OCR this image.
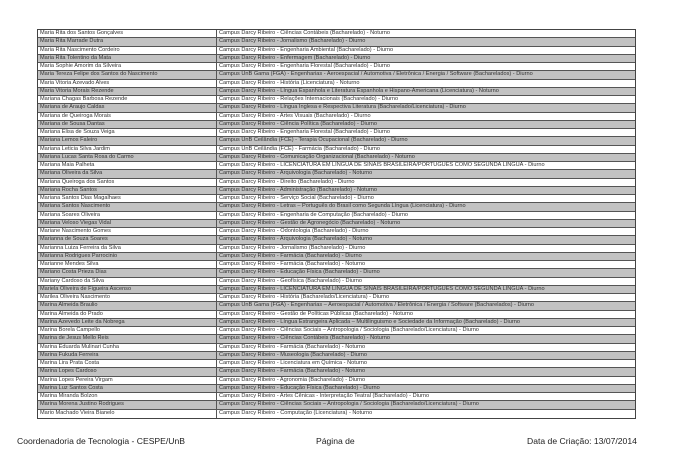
Maria Rita dos Santos Gonçalves	Campus Darcy Ribeiro - Ciências Contábeis (Bacharelado) - Noturno
Maria Rita Marrade Dutra	Campus Darcy Ribeiro - Jornalismo (Bacharelado) - Diurno
Maria Rita Nascimento Cordeiro	Campus Darcy Ribeiro - Engenharia Ambiental (Bacharelado) - Diurno
Maria Rita Tolentino da Mata	Campus Darcy Ribeiro - Enfermagem (Bacharelado) - Diurno
Maria Sophie Amorim da Silveira	Campus Darcy Ribeiro - Engenharia Florestal (Bacharelado) - Diurno
Maria Tereza Felipe dos Santos do Nascimento	Campus UnB Gama (FGA) - Engenharias - Aeroespacial / Automotiva / Eletrônica / Energia / Software (Bacharelados) - Diurno
Maria Vitoria Azevado Alves	Campus Darcy Ribeiro - História (Licenciatura) - Noturno
Maria Vitoria Morais Rezende	Campus Darcy Ribeiro - Língua Espanhola e Literatura Espanhola e Hispano-Americana (Licenciatura) - Noturno
Mariana Chagas Barbosa Rezende	Campus Darcy Ribeiro - Relações Internacionais (Bacharelado) - Diurno
Mariana de Araujo Caldas	Campus Darcy Ribeiro - Língua Inglesa e Respectiva Literatura (Bacharelado/Licenciatura) - Diurno
Mariana de Queiroga Morais	Campus Darcy Ribeiro - Artes Visuais (Bacharelado) - Diurno
Mariana de Sousa Dantas	Campus Darcy Ribeiro - Ciência Política (Bacharelado) - Diurno
Mariana Elisa de Souza Veiga	Campus Darcy Ribeiro - Engenharia Florestal (Bacharelado) - Diurno
Mariana Lemos Faleiro	Campus UnB Ceilândia (FCE) - Terapia Ocupacional (Bacharelado) - Diurno
Mariana Leticia Silva Jardim	Campus UnB Ceilândia (FCE) - Farmácia (Bacharelado) - Diurno
Mariana Lucas Santa Rosa do Carmo	Campus Darcy Ribeiro - Comunicação Organizacional (Bacharelado) - Noturno
Mariana Maia Palheta	Campus Darcy Ribeiro - LICENCIATURA EM LÍNGUA DE SINAIS BRASILEIRA/PORTUGUÊS COMO SEGUNDA LÍNGUA - Diurno
Mariana Oliveira da Silva	Campus Darcy Ribeiro - Arquivologia (Bacharelado) - Noturno
Mariana Queiroga dos Santos	Campus Darcy Ribeiro - Direito (Bacharelado) - Diurno
Mariana Rocha Santos	Campus Darcy Ribeiro - Administração (Bacharelado) - Noturno
Mariana Santos Dias Magalhaes	Campus Darcy Ribeiro - Serviço Social (Bacharelado) - Diurno
Mariana Santos Nascimento	Campus Darcy Ribeiro - Letras – Português do Brasil como Segunda Língua (Licenciatura) - Diurno
Mariana Soares Oliveira	Campus Darcy Ribeiro - Engenharia de Computação (Bacharelado) - Diurno
Mariana Veloso Viegas Vidal	Campus Darcy Ribeiro - Gestão de Agronegócio (Bacharelado) - Noturno
Mariane Nascimento Gomes	Campus Darcy Ribeiro - Odontologia (Bacharelado) - Diurno
Marianna de Souza Soares	Campus Darcy Ribeiro - Arquivologia (Bacharelado) - Noturno
Marianna Luiza Ferreira da Silva	Campus Darcy Ribeiro - Jornalismo (Bacharelado) - Diurno
Marianna Rodrigues Parrocinio	Campus Darcy Ribeiro - Farmácia (Bacharelado) - Diurno
Marianne Mendes Silva	Campus Darcy Ribeiro - Farmácia (Bacharelado) - Noturno
Mariano Costa Prieza Dias	Campus Darcy Ribeiro - Educação Física (Bacharelado) - Diurno
Mariany Cardoso da Silva	Campus Darcy Ribeiro - Geofísica (Bacharelado) - Diurno
Mariela Oliveira de Figueira Ascenso	Campus Darcy Ribeiro - LICENCIATURA EM LÍNGUA DE SINAIS BRASILEIRA/PORTUGUÊS COMO SEGUNDA LÍNGUA - Diurno
Marilea Oliveira Nascimento	Campus Darcy Ribeiro - História (Bacharelado/Licenciatura) - Diurno
Marina Almeida Braulio	Campus UnB Gama (FGA) - Engenharias – Aeroespacial / Automotiva / Eletrônica / Energia / Software (Bacharelados) - Diurno
Marina Almeida do Prado	Campus Darcy Ribeiro - Gestão de Políticas Públicas (Bacharelado) - Noturno
Marina Azevedo Leite da Nobrega	Campus Darcy Ribeiro - Língua Estrangeira Aplicada – Multilinguismo e Sociedade da Informação (Bacharelado) - Diurno
Marina Borela Campello	Campus Darcy Ribeiro - Ciências Sociais – Antropologia / Sociologia (Bacharelado/Licenciatura) - Diurno
Marina de Jesus Mello Reis	Campus Darcy Ribeiro - Ciências Contábeis (Bacharelado) - Noturno
Marina Eduarda Mulinari Cunha	Campus Darcy Ribeiro - Farmácia (Bacharelado) - Noturno
Marina Fukuda Ferreira	Campus Darcy Ribeiro - Museologia (Bacharelado) - Diurno
Marina Lira Prata Costa	Campus Darcy Ribeiro - Licenciatura em Química - Noturno
Marina Lopes Cardoso	Campus Darcy Ribeiro - Farmácia (Bacharelado) - Noturno
Marina Lopes Pereira Virgam	Campus Darcy Ribeiro - Agronomia (Bacharelado) - Diurno
Marina Luz Santos Costa	Campus Darcy Ribeiro - Educação Física (Bacharelado) - Diurno
Marina Miranda Bolzon	Campus Darcy Ribeiro - Artes Cênicas - Interpretação Teatral (Bacharelado) - Diurno
Marina Morena Justino Rodrigues	Campus Darcy Ribeiro - Ciências Sociais – Antropologia / Sociologia (Bacharelado/Licenciatura) - Diurno
Mario Machado Vieira Bianelo	Campus Darcy Ribeiro - Computação (Licenciatura) - Noturno
Coordenadoria de Tecnologia - CESPE/UnB	Página de	Data de Criação: 13/07/2014
